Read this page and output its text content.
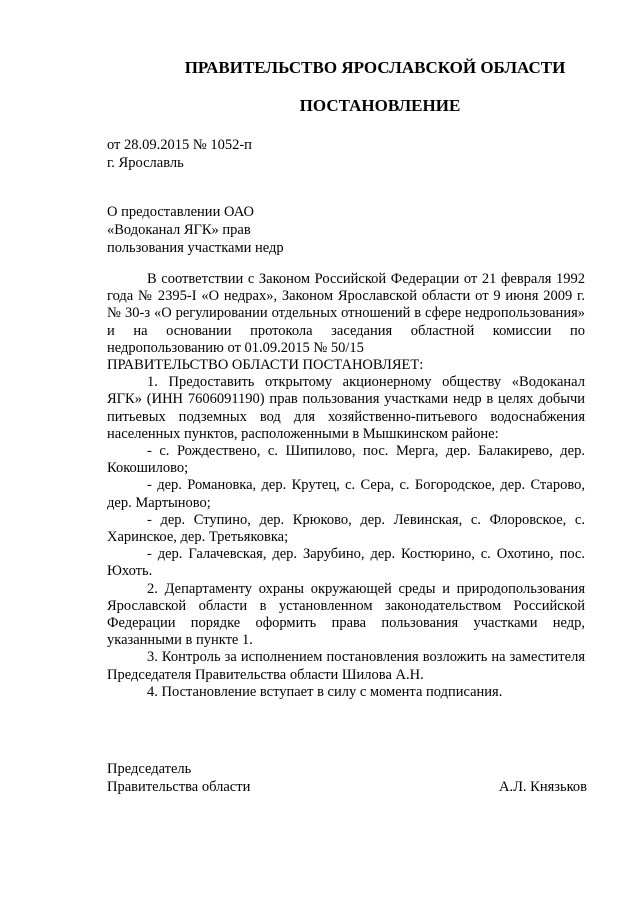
ПРАВИТЕЛЬСТВО ЯРОСЛАВСКОЙ ОБЛАСТИ
ПОСТАНОВЛЕНИЕ
от 28.09.2015 № 1052-п
г. Ярославль
О предоставлении ОАО
«Водоканал ЯГК» прав
пользования участками недр

В соответствии с Законом Российской Федерации от 21 февраля 1992 года № 2395-I «О недрах», Законом Ярославской области от 9 июня 2009 г. № 30-з «О регулировании отдельных отношений в сфере недропользования» и на основании протокола заседания областной комиссии по недропользованию от 01.09.2015 № 50/15

ПРАВИТЕЛЬСТВО ОБЛАСТИ ПОСТАНОВЛЯЕТ:

1. Предоставить открытому акционерному обществу «Водоканал ЯГК» (ИНН 7606091190) прав пользования участками недр в целях добычи питьевых подземных вод для хозяйственно-питьевого водоснабжения населенных пунктов, расположенными в Мышкинском районе:

- с. Рождествено, с. Шипилово, пос. Мерга, дер. Балакирево, дер. Кокошилово;

- дер. Романовка, дер. Крутец, с. Сера, с. Богородское, дер. Старово, дер. Мартыново;

- дер. Ступино, дер. Крюково, дер. Левинская, с. Флоровское, с. Харинское, дер. Третьяковка;

- дер. Галачевская, дер. Зарубино, дер. Костюрино, с. Охотино, пос. Юхоть.

2. Департаменту охраны окружающей среды и природопользования Ярославской области в установленном законодательством Российской Федерации порядке оформить права пользования участками недр, указанными в пункте 1.

3. Контроль за исполнением постановления возложить на заместителя Председателя Правительства области Шилова А.Н.

4. Постановление вступает в силу с момента подписания.

Председатель
Правительства области	А.Л. Князьков
